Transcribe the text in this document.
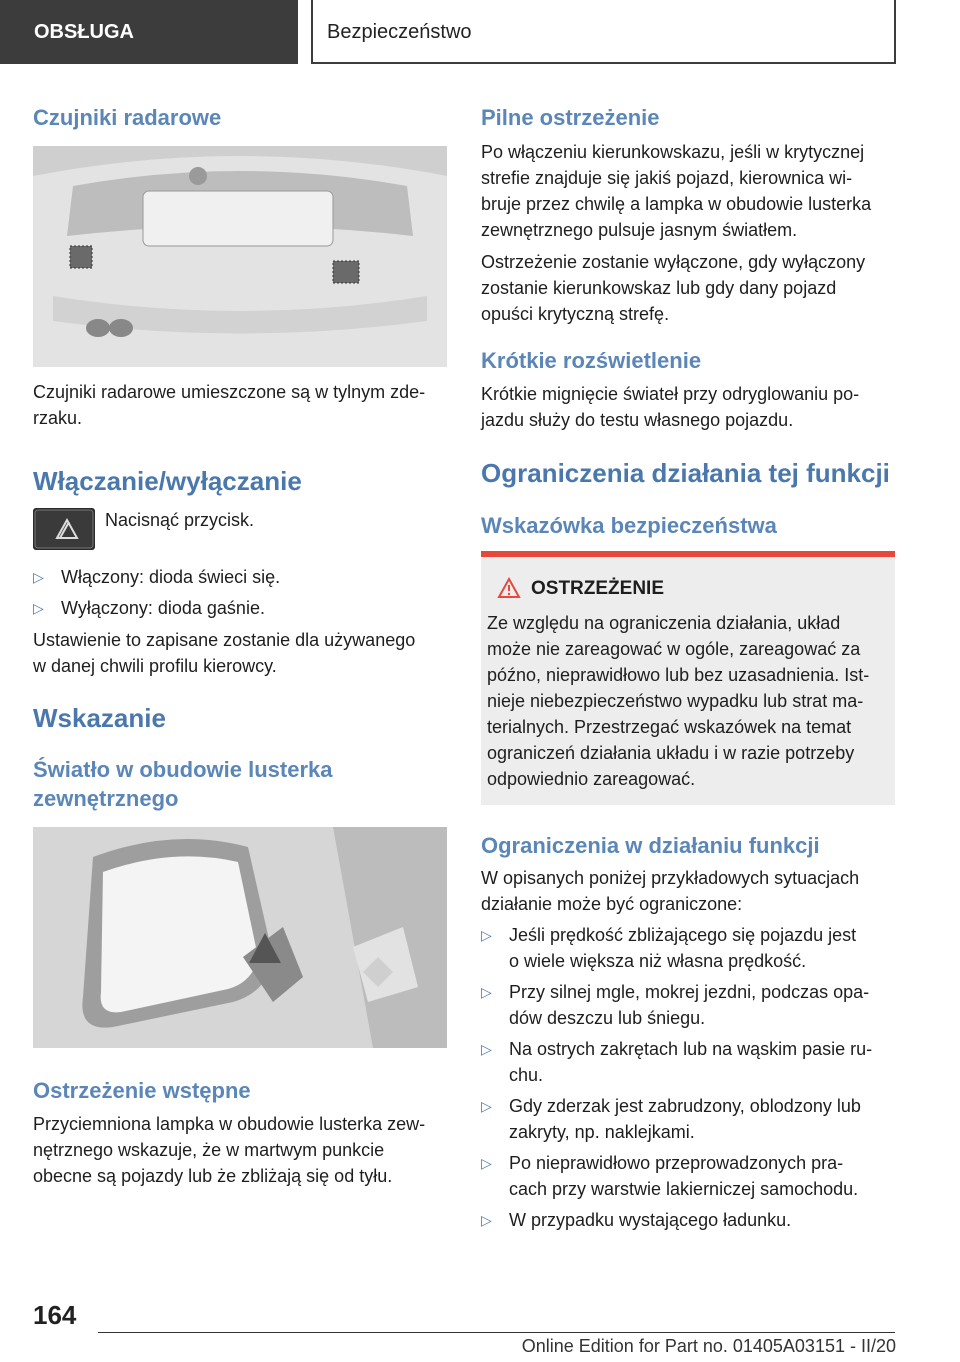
OBSŁUGA	Bezpieczeństwo
Czujniki radarowe

Czujniki radarowe umieszczone są w tylnym zde-

rzaku.

Włączanie/wyłączanie

Nacisnąć przycisk.

▷ Włączony: dioda świeci się.
▷ Wyłączony: dioda gaśnie.

Ustawienie to zapisane zostanie dla używanego

w danej chwili profilu kierowcy.

Wskazanie
Światło w obudowie lusterka
zewnętrznego
Ostrzeżenie wstępne

Przyciemniona lampka w obudowie lusterka zew-

nętrznego wskazuje, że w martwym punkcie

obecne są pojazdy lub że zbliżają się od tyłu.

Pilne ostrzeżenie

Po włączeniu kierunkowskazu, jeśli w krytycznej

strefie znajduje się jakiś pojazd, kierownica wi-

bruje przez chwilę a lampka w obudowie lusterka

zewnętrznego pulsuje jasnym światłem.

Ostrzeżenie zostanie wyłączone, gdy wyłączony

zostanie kierunkowskaz lub gdy dany pojazd

opuści krytyczną strefę.

Krótkie rozświetlenie

Krótkie mignięcie świateł przy odryglowaniu po-

jazdu służy do testu własnego pojazdu.

Ograniczenia działania tej funkcji
Wskazówka bezpieczeństwa
OSTRZEŻENIE

Ze względu na ograniczenia działania, układ

może nie zareagować w ogóle, zareagować za

późno, nieprawidłowo lub bez uzasadnienia. Ist-

nieje niebezpieczeństwo wypadku lub strat ma-

terialnych. Przestrzegać wskazówek na temat

ograniczeń działania układu i w razie potrzeby

odpowiednio zareagować.

Ograniczenia w działaniu funkcji

W opisanych poniżej przykładowych sytuacjach

działanie może być ograniczone:

▷ Jeśli prędkość zbliżającego się pojazdu jest
o wiele większa niż własna prędkość.
▷ Przy silnej mgle, mokrej jezdni, podczas opa-
dów deszczu lub śniegu.
▷ Na ostrych zakrętach lub na wąskim pasie ru-
chu.
▷ Gdy zderzak jest zabrudzony, oblodzony lub
zakryty, np. naklejkami.
▷ Po nieprawidłowo przeprowadzonych pra-
cach przy warstwie lakierniczej samochodu.
▷ W przypadku wystającego ładunku.
164
Online Edition for Part no. 01405A03151 - II/20
